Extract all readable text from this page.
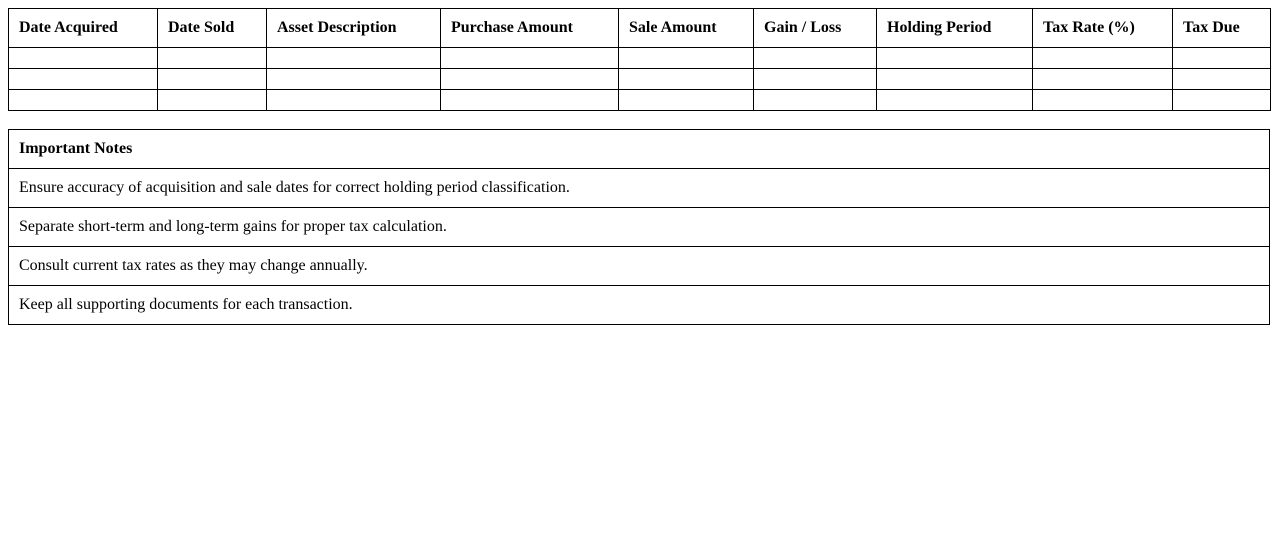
Date Acquired	Date Sold	Asset Description	Purchase Amount	Sale Amount	Gain / Loss	Holding Period	Tax Rate (%)	Tax Due

Important Notes
Ensure accuracy of acquisition and sale dates for correct holding period classification.
Separate short-term and long-term gains for proper tax calculation.
Consult current tax rates as they may change annually.
Keep all supporting documents for each transaction.
